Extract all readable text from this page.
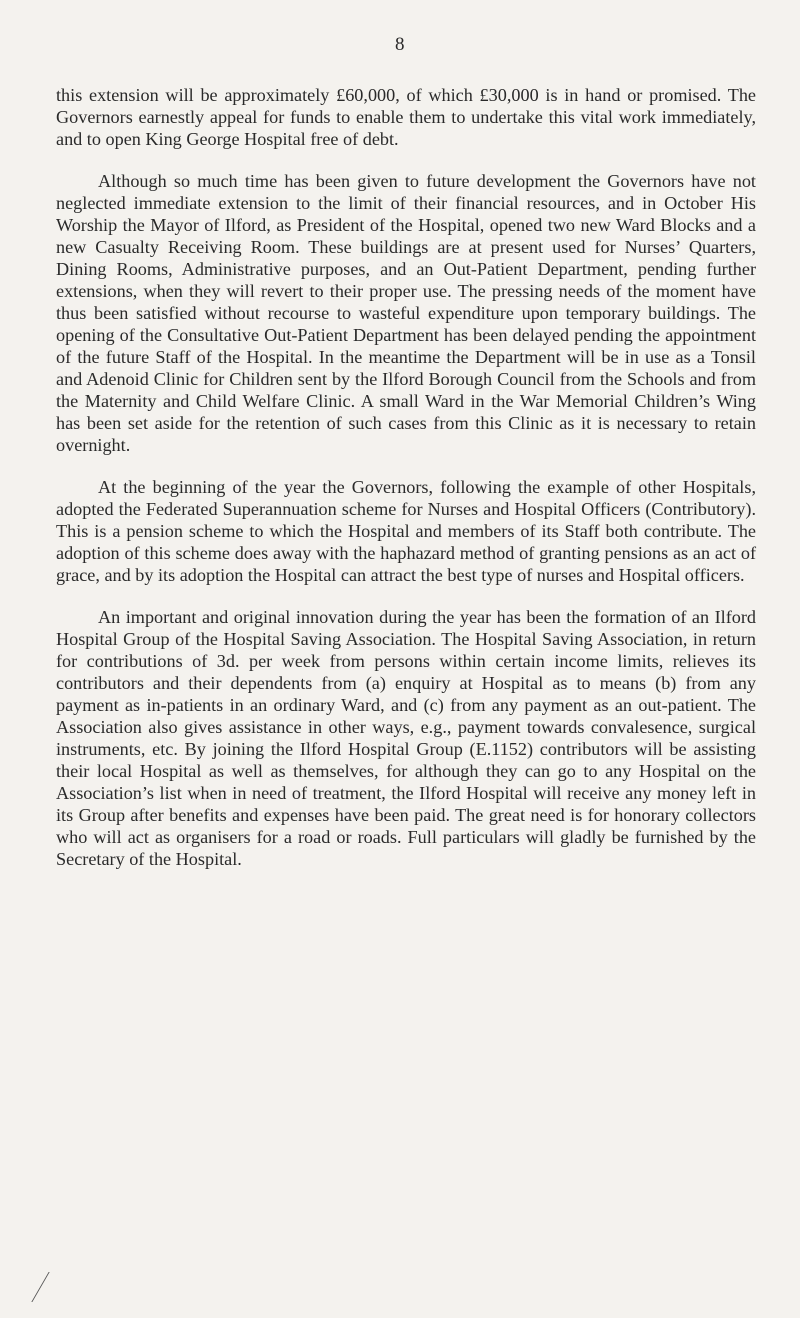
8

this extension will be approximately £60,000, of which £30,000 is in hand or promised. The Governors earnestly appeal for funds to enable them to undertake this vital work immediately, and to open King George Hospital free of debt.

Although so much time has been given to future development the Governors have not neglected immediate extension to the limit of their financial resources, and in October His Worship the Mayor of Ilford, as President of the Hospital, opened two new Ward Blocks and a new Casualty Receiving Room. These buildings are at present used for Nurses’ Quarters, Dining Rooms, Administrative purposes, and an Out-Patient Department, pending further extensions, when they will revert to their proper use. The pressing needs of the moment have thus been satisfied without recourse to wasteful expenditure upon temporary buildings. The opening of the Consultative Out-Patient Department has been delayed pending the appointment of the future Staff of the Hospital. In the meantime the Department will be in use as a Tonsil and Adenoid Clinic for Children sent by the Ilford Borough Council from the Schools and from the Maternity and Child Welfare Clinic. A small Ward in the War Memorial Children’s Wing has been set aside for the retention of such cases from this Clinic as it is necessary to retain overnight.

At the beginning of the year the Governors, following the example of other Hospitals, adopted the Federated Superannuation scheme for Nurses and Hospital Officers (Contributory). This is a pension scheme to which the Hospital and members of its Staff both contribute. The adoption of this scheme does away with the haphazard method of granting pensions as an act of grace, and by its adoption the Hospital can attract the best type of nurses and Hospital officers.

An important and original innovation during the year has been the formation of an Ilford Hospital Group of the Hospital Saving Association. The Hospital Saving Association, in return for contributions of 3d. per week from persons within certain income limits, relieves its contributors and their dependents from (a) enquiry at Hospital as to means (b) from any payment as in-patients in an ordinary Ward, and (c) from any payment as an out-patient. The Association also gives assistance in other ways, e.g., payment towards convalesence, surgical instruments, etc. By joining the Ilford Hospital Group (E.1152) contributors will be assisting their local Hospital as well as themselves, for although they can go to any Hospital on the Association’s list when in need of treatment, the Ilford Hospital will receive any money left in its Group after benefits and expenses have been paid. The great need is for honorary collectors who will act as organisers for a road or roads. Full particulars will gladly be furnished by the Secretary of the Hospital.
